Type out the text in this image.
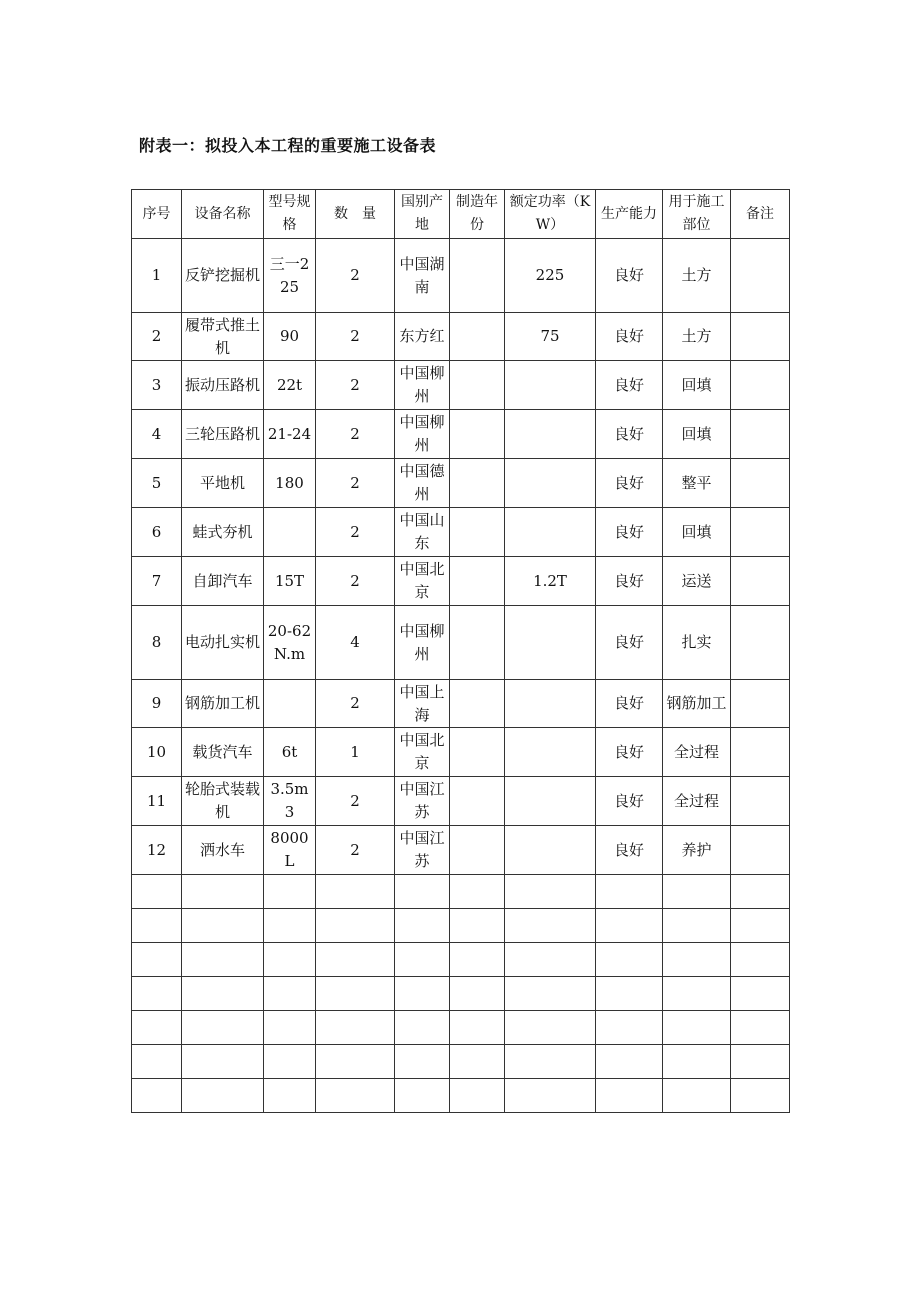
附表一：拟投入本工程的重要施工设备表
序号	设备名称	型号规格	数　量	国别产地	制造年份	额定功率（KW）	生产能力	用于施工部位	备注
1	反铲挖掘机	三一225	2	中国湖南		225	良好	土方	
2	履带式推土机	90	2	东方红		75	良好	土方	
3	振动压路机	22t	2	中国柳州			良好	回填	
4	三轮压路机	21-24	2	中国柳州			良好	回填	
5	平地机	180	2	中国德州			良好	整平	
6	蛙式夯机		2	中国山东			良好	回填	
7	自卸汽车	15T	2	中国北京		1.2T	良好	运送	
8	电动扎实机	20-62N.m	4	中国柳州			良好	扎实	
9	钢筋加工机		2	中国上海			良好	钢筋加工	
10	载货汽车	6t	1	中国北京			良好	全过程	
11	轮胎式装载机	3.5m3	2	中国江苏			良好	全过程	
12	洒水车	8000L	2	中国江苏			良好	养护	
